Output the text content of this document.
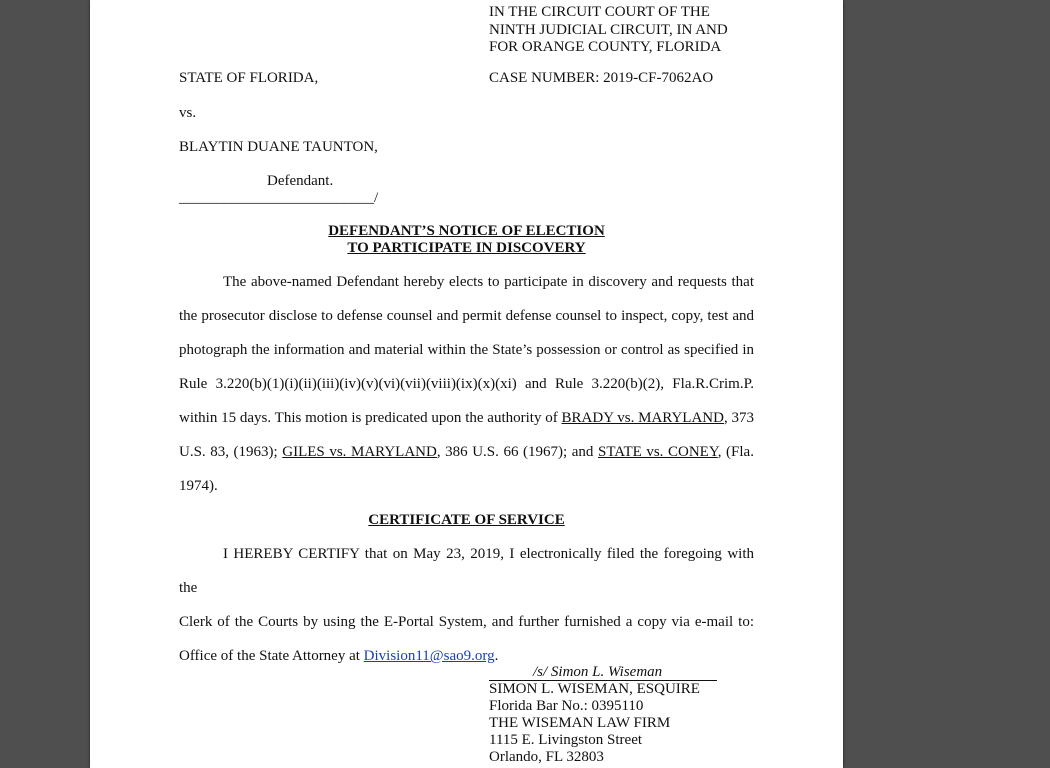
IN THE CIRCUIT COURT OF THE
NINTH JUDICIAL CIRCUIT, IN AND
FOR ORANGE COUNTY, FLORIDA
STATE OF FLORIDA,	CASE NUMBER: 2019-CF-7062AO
vs.
BLAYTIN DUANE TAUNTON,
Defendant.
__________________________/
DEFENDANT’S NOTICE OF ELECTION
TO PARTICIPATE IN DISCOVERY
The above-named Defendant hereby elects to participate in discovery and requests that
the prosecutor disclose to defense counsel and permit defense counsel to inspect, copy, test and
photograph the information and material within the State’s possession or control as specified in
Rule 3.220(b)(1)(i)(ii)(iii)(iv)(v)(vi)(vii)(viii)(ix)(x)(xi) and Rule 3.220(b)(2), Fla.R.Crim.P.
within 15 days. This motion is predicated upon the authority of BRADY vs. MARYLAND, 373
U.S. 83, (1963); GILES vs. MARYLAND, 386 U.S. 66 (1967); and STATE vs. CONEY, (Fla.
1974).
CERTIFICATE OF SERVICE
I HEREBY CERTIFY that on May 23, 2019, I electronically filed the foregoing with the
Clerk of the Courts by using the E-Portal System, and further furnished a copy via e-mail to:
Office of the State Attorney at Division11@sao9.org.
/s/ Simon L. Wiseman
SIMON L. WISEMAN, ESQUIRE
Florida Bar No.: 0395110
THE WISEMAN LAW FIRM
1115 E. Livingston Street
Orlando, FL 32803
